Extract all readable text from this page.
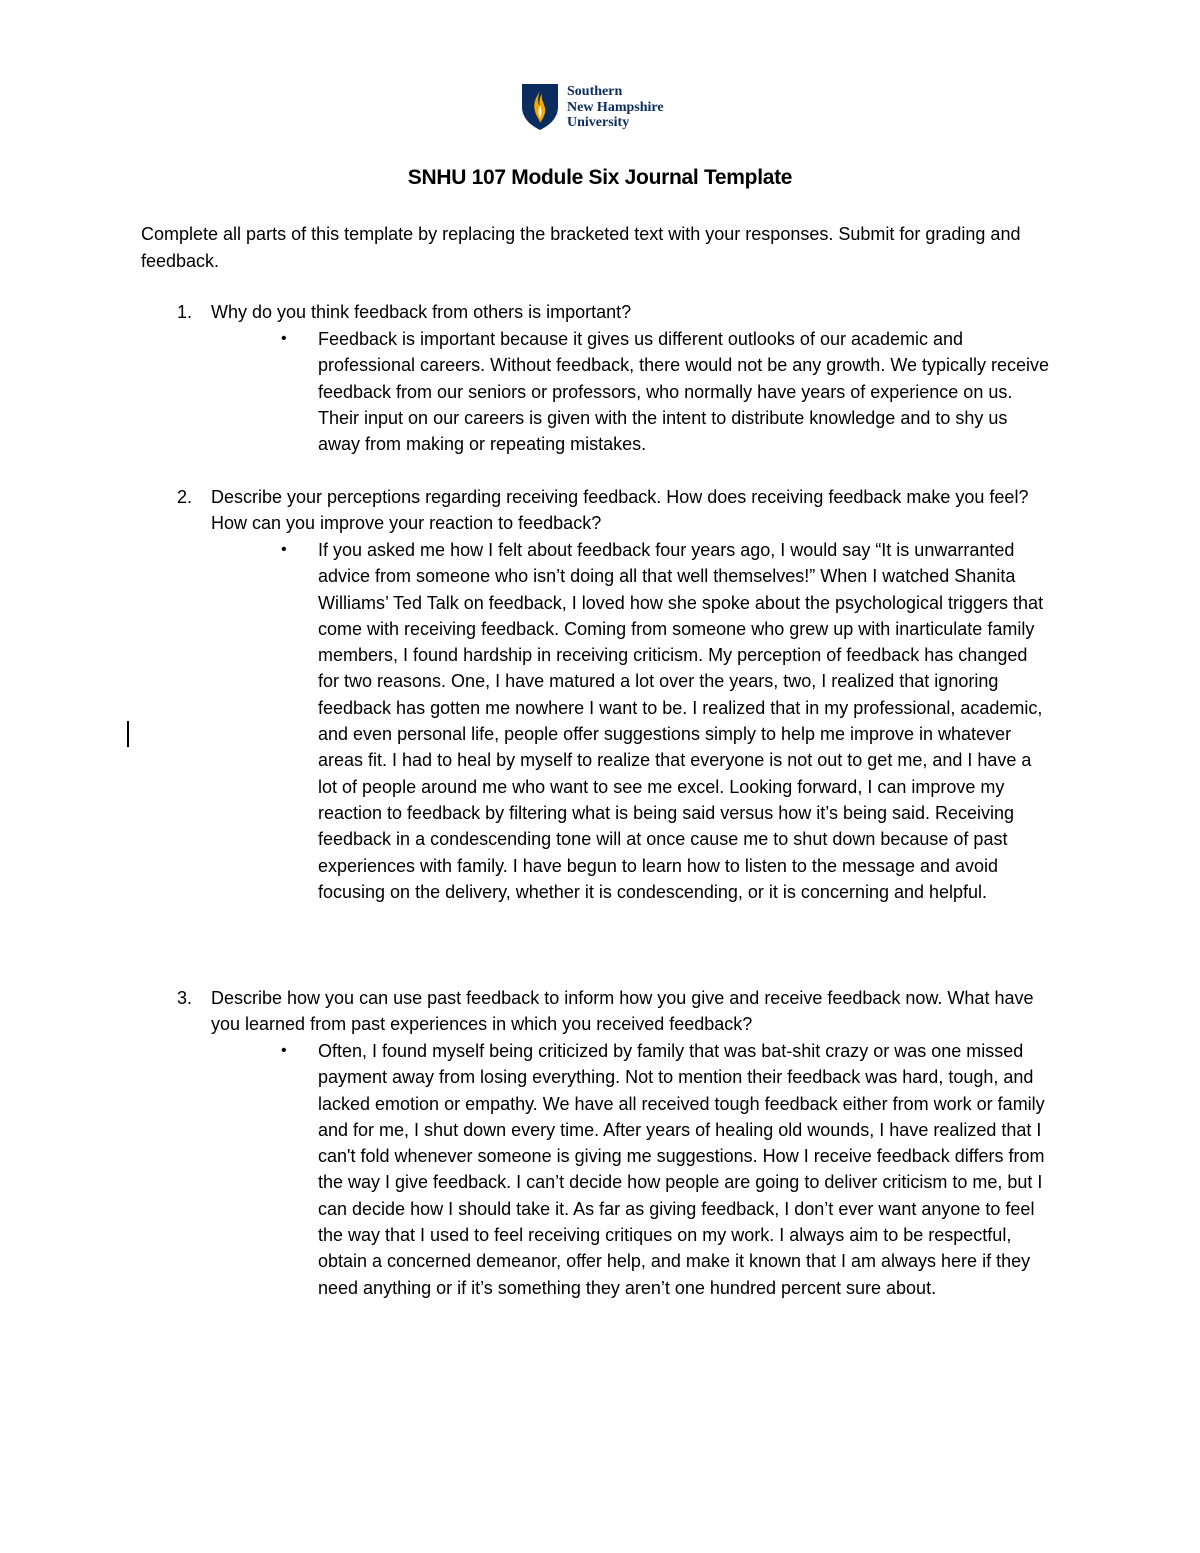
Southern
New Hampshire
University
SNHU 107 Module Six Journal Template
Complete all parts of this template by replacing the bracketed text with your responses. Submit for grading and feedback.
1.	Why do you think feedback from others is important?
•	Feedback is important because it gives us different outlooks of our academic and professional careers. Without feedback, there would not be any growth. We typically receive feedback from our seniors or professors, who normally have years of experience on us. Their input on our careers is given with the intent to distribute knowledge and to shy us away from making or repeating mistakes.
2.	Describe your perceptions regarding receiving feedback. How does receiving feedback make you feel? How can you improve your reaction to feedback?
•	If you asked me how I felt about feedback four years ago, I would say “It is unwarranted advice from someone who isn’t doing all that well themselves!” When I watched Shanita Williams’ Ted Talk on feedback, I loved how she spoke about the psychological triggers that come with receiving feedback. Coming from someone who grew up with inarticulate family members, I found hardship in receiving criticism. My perception of feedback has changed for two reasons. One, I have matured a lot over the years, two, I realized that ignoring feedback has gotten me nowhere I want to be. I realized that in my professional, academic, and even personal life, people offer suggestions simply to help me improve in whatever areas fit. I had to heal by myself to realize that everyone is not out to get me, and I have a lot of people around me who want to see me excel. Looking forward, I can improve my reaction to feedback by filtering what is being said versus how it’s being said. Receiving feedback in a condescending tone will at once cause me to shut down because of past experiences with family. I have begun to learn how to listen to the message and avoid focusing on the delivery, whether it is condescending, or it is concerning and helpful.
3.	Describe how you can use past feedback to inform how you give and receive feedback now. What have you learned from past experiences in which you received feedback?
•	Often, I found myself being criticized by family that was bat-shit crazy or was one missed payment away from losing everything. Not to mention their feedback was hard, tough, and lacked emotion or empathy. We have all received tough feedback either from work or family and for me, I shut down every time. After years of healing old wounds, I have realized that I can't fold whenever someone is giving me suggestions. How I receive feedback differs from the way I give feedback. I can’t decide how people are going to deliver criticism to me, but I can decide how I should take it. As far as giving feedback, I don’t ever want anyone to feel the way that I used to feel receiving critiques on my work. I always aim to be respectful, obtain a concerned demeanor, offer help, and make it known that I am always here if they need anything or if it’s something they aren’t one hundred percent sure about.
